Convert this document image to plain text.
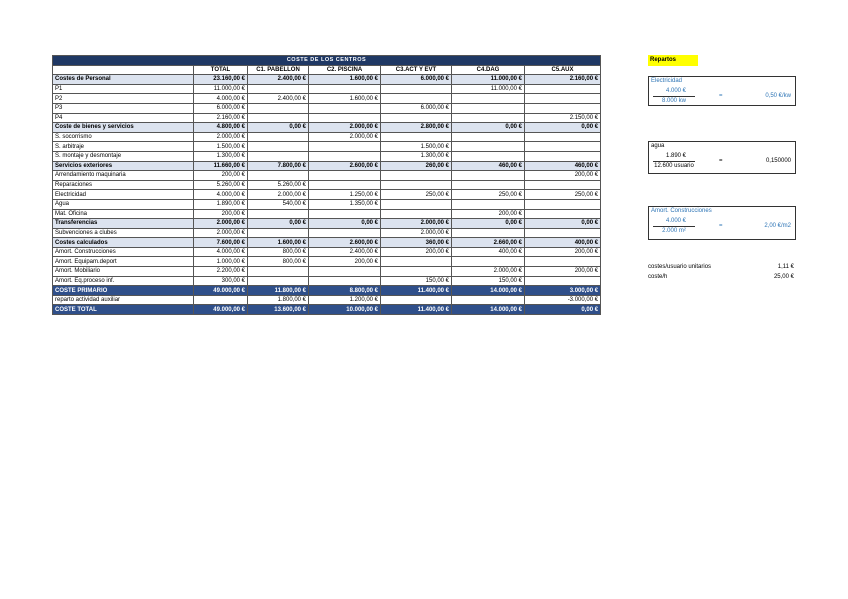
COSTE DE LOS CENTROS						
	TOTAL	C1. PABELLON	C2. PISCINA	C3.ACT Y EVT	C4.DAG	C5.AUX
Costes de Personal	23.160,00 €	2.400,00 €	1.600,00 €	6.000,00 €	11.000,00 €	2.160,00 €
P1	11.000,00 €				11.000,00 €	
P2	4.000,00 €	2.400,00 €	1.600,00 €			
P3	6.000,00 €			6.000,00 €		
P4	2.160,00 €					2.150,00 €
Coste de bienes y servicios	4.800,00 €	0,00 €	2.000,00 €	2.800,00 €	0,00 €	0,00 €
S. socorrismo	2.000,00 €		2.000,00 €			
S. arbitraje	1.500,00 €			1.500,00 €		
S. montaje y desmontaje	1.300,00 €			1.300,00 €		
Servicios exteriores	11.660,00 €	7.800,00 €	2.600,00 €	260,00 €	460,00 €	460,00 €
Arrendamiento maquinaria	200,00 €					200,00 €
Reparaciones	5.260,00 €	5.260,00 €				
Electricidad	4.000,00 €	2.000,00 €	1.250,00 €	250,00 €	250,00 €	250,00 €
Agua	1.890,00 €	540,00 €	1.350,00 €			
Mat. Oficina	200,00 €				200,00 €	
Transferencias	2.000,00 €	0,00 €	0,00 €	2.000,00 €	0,00 €	0,00 €
Subvenciones a clubes	2.000,00 €			2.000,00 €		
Costes calculados	7.600,00 €	1.600,00 €	2.600,00 €	360,00 €	2.660,00 €	400,00 €
Amort. Construcciones	4.000,00 €	800,00 €	2.400,00 €	200,00 €	400,00 €	200,00 €
Amort. Equipam.deport	1.000,00 €	800,00 €	200,00 €			
Amort. Mobiliario	2.200,00 €				2.000,00 €	200,00 €
Amort. Eq.proceso inf.	300,00 €			150,00 €	150,00 €	
COSTE PRIMARIO	49.000,00 €	11.800,00 €	8.800,00 €	11.400,00 €	14.000,00 €	3.000,00 €
reparto actividad auxiliar		1.800,00 €	1.200,00 €			-3.000,00 €
COSTE TOTAL	49.000,00 €	13.600,00 €	10.000,00 €	11.400,00 €	14.000,00 €	0,00 €
Repartos
Electricidad
4.000 €
8.000 kw
=	0,50 €/kw
agua
1.890 €
12.600 usuario
=	0,150000
Amort. Construcciones
4.000 €
2.000 m²
=	2,00 €/m2
costes/usuario unitarios	1,11 €
coste/h	25,00 €
